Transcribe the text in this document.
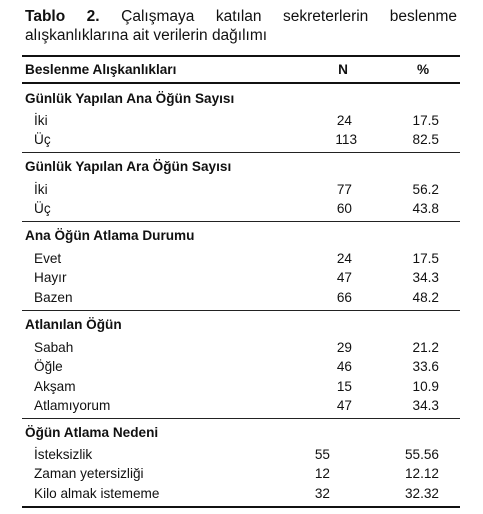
Tablo 2. Çalışmaya katılan sekreterlerin beslenme alışkanlıklarına ait verilerin dağılımı
Beslenme Alışkanlıkları	N	%
Günlük Yapılan Ana Öğün Sayısı
İki	24	17.5
Üç	113	82.5
Günlük Yapılan Ara Öğün Sayısı
İki	77	56.2
Üç	60	43.8
Ana Öğün Atlama Durumu
Evet	24	17.5
Hayır	47	34.3
Bazen	66	48.2
Atlanılan Öğün
Sabah	29	21.2
Öğle	46	33.6
Akşam	15	10.9
Atlamıyorum	47	34.3
Öğün Atlama Nedeni
İsteksizlik	55	55.56
Zaman yetersizliği	12	12.12
Kilo almak istememe	32	32.32
